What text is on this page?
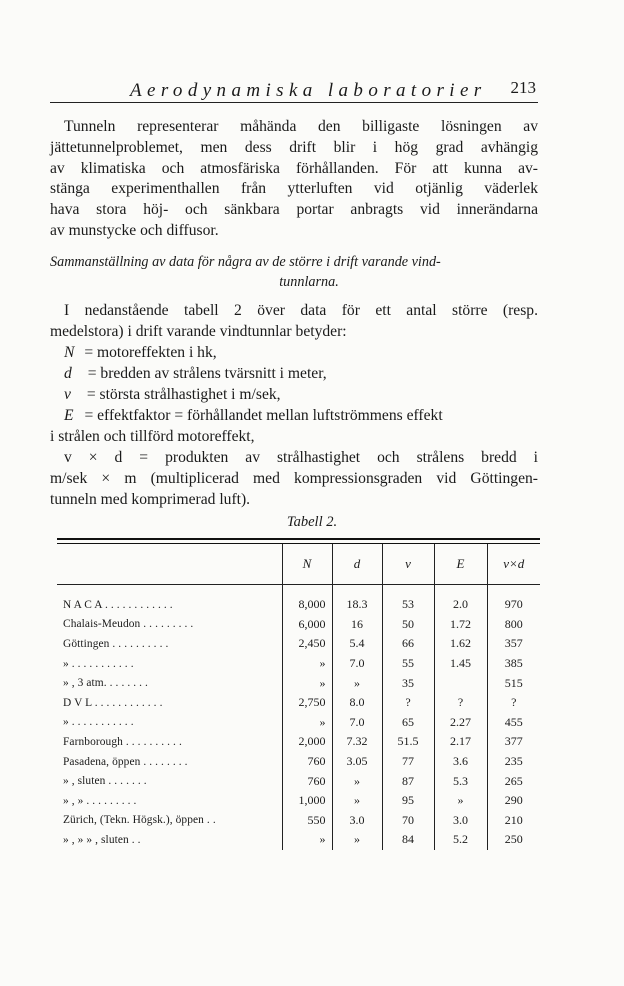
Aerodynamiska laboratorier 213
Tunneln representerar måhända den billigaste lösningen av
jättetunnelproblemet, men dess drift blir i hög grad avhängig
av klimatiska och atmosfäriska förhållanden. För att kunna av-
stänga experimenthallen från ytterluften vid otjänlig väderlek
hava stora höj- och sänkbara portar anbragts vid innerändarna
av munstycke och diffusor.
Sammanställning av data för några av de större i drift varande vind-
tunnlarna.
I nedanstående tabell 2 över data för ett antal större (resp.
medelstora) i drift varande vindtunnlar betyder:
N = motoreffekten i hk,
d = bredden av strålens tvärsnitt i meter,
v = största strålhastighet i m/sek,
E = effektfaktor = förhållandet mellan luftströmmens effekt
i strålen och tillförd motoreffekt,
v × d = produkten av strålhastighet och strålens bredd i
m/sek × m (multiplicerad med kompressionsgraden vid Göttingen-
tunneln med komprimerad luft).
Tabell 2.
	N	d	v	E	v×d

N A C A . . . . . . . . . . . .	8,000	18.3	53	2.0	970
Chalais-Meudon . . . . . . . . .	6,000	16	50	1.72	800
Göttingen . . . . . . . . . .	2,450	5.4	66	1.62	357
» . . . . . . . . . . .	»	7.0	55	1.45	385
» , 3 atm. . . . . . . .	»	»	35		515
D V L . . . . . . . . . . . .	2,750	8.0	?	?	?
» . . . . . . . . . . .	»	7.0	65	2.27	455
Farnborough . . . . . . . . . .	2,000	7.32	51.5	2.17	377
Pasadena, öppen . . . . . . . .	760	3.05	77	3.6	235
» , sluten . . . . . . .	760	»	87	5.3	265
» , » . . . . . . . . .	1,000	»	95	»	290
Zürich, (Tekn. Högsk.), öppen . .	550	3.0	70	3.0	210
» , » » , sluten . .	»	»	84	5.2	250
